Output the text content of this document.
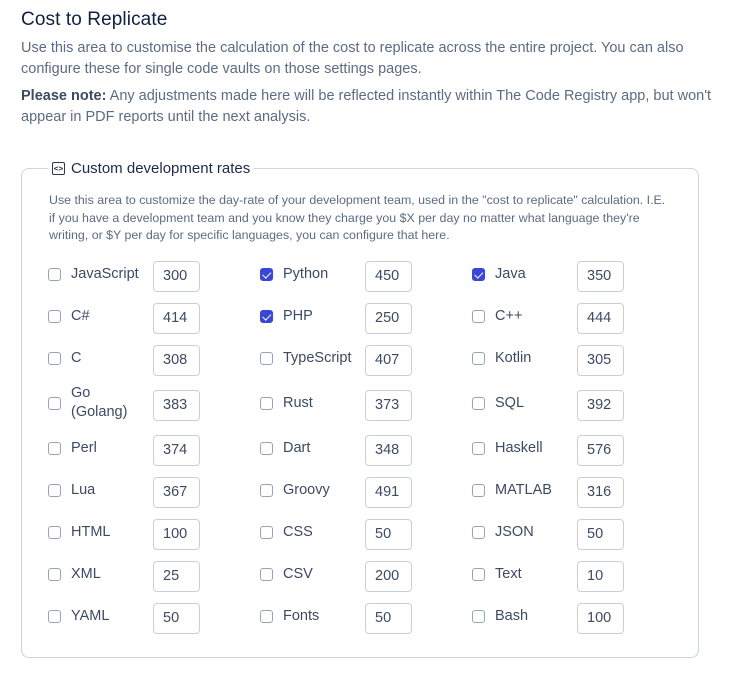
Cost to Replicate
Use this area to customise the calculation of the cost to replicate across the entire project. You can also configure these for single code vaults on those settings pages.
Please note: Any adjustments made here will be reflected instantly within The Code Registry app, but won't appear in PDF reports until the next analysis.
<> Custom development rates
Use this area to customize the day-rate of your development team, used in the "cost to replicate" calculation. I.E. if you have a development team and you know they charge you $X per day no matter what language they're writing, or $Y per day for specific languages, you can configure that here.
JavaScript	300	Python	450	Java	350
C#	414	PHP	250	C++	444
C	308	TypeScript	407	Kotlin	305
Go (Golang)	383	Rust	373	SQL	392
Perl	374	Dart	348	Haskell	576
Lua	367	Groovy	491	MATLAB	316
HTML	100	CSS	50	JSON	50
XML	25	CSV	200	Text	10
YAML	50	Fonts	50	Bash	100
